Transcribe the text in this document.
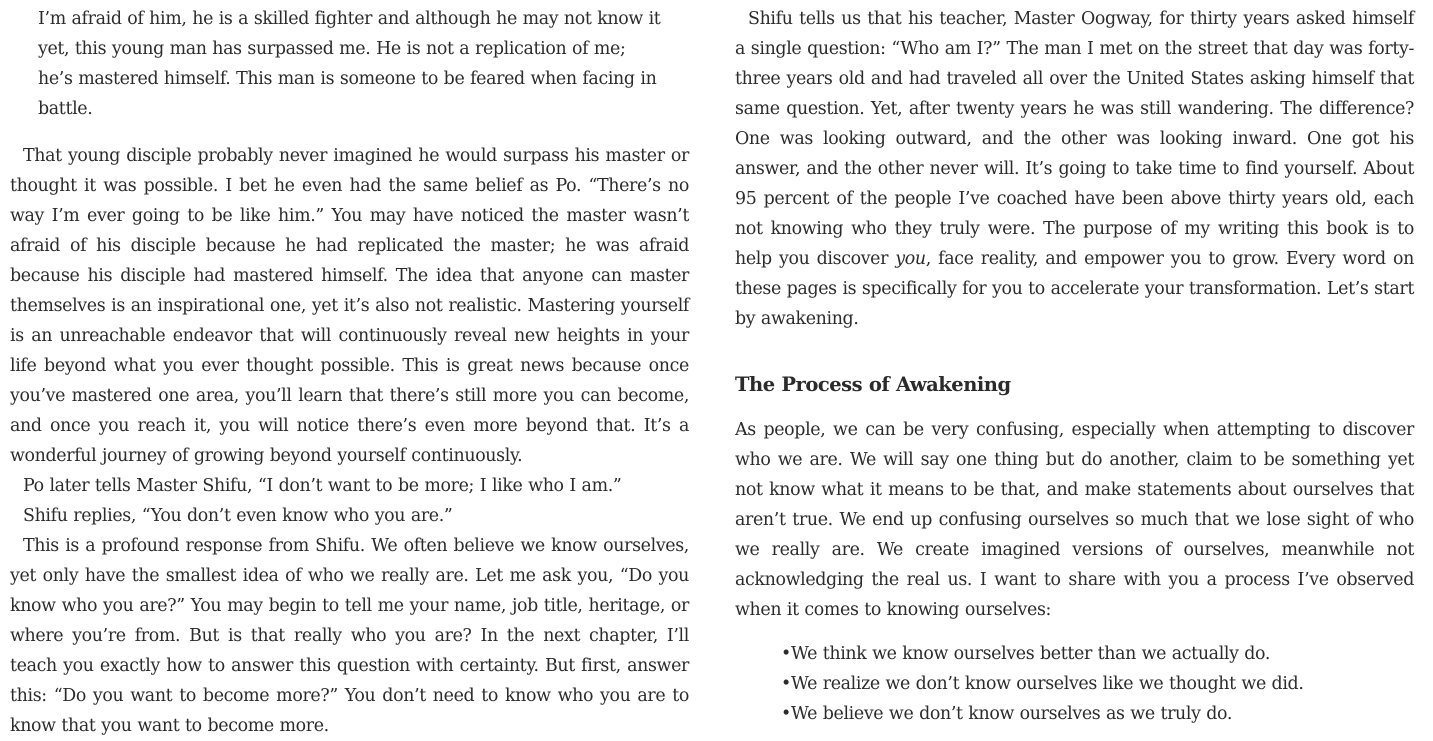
I’m afraid of him, he is a skilled fighter and although he may not know it yet, this young man has surpassed me. He is not a replication of me; he’s mastered himself. This man is someone to be feared when facing in battle.

That young disciple probably never imagined he would surpass his master or thought it was possible. I bet he even had the same belief as Po. “There’s no way I’m ever going to be like him.” You may have noticed the master wasn’t afraid of his disciple because he had replicated the master; he was afraid because his disciple had mastered himself. The idea that anyone can master themselves is an inspirational one, yet it’s also not realistic. Mastering yourself is an unreachable endeavor that will continuously reveal new heights in your life beyond what you ever thought possible. This is great news because once you’ve mastered one area, you’ll learn that there’s still more you can become, and once you reach it, you will notice there’s even more beyond that. It’s a wonderful journey of growing beyond yourself continuously.

Po later tells Master Shifu, “I don’t want to be more; I like who I am.”

Shifu replies, “You don’t even know who you are.”

This is a profound response from Shifu. We often believe we know ourselves, yet only have the smallest idea of who we really are. Let me ask you, “Do you know who you are?” You may begin to tell me your name, job title, heritage, or where you’re from. But is that really who you are? In the next chapter, I’ll teach you exactly how to answer this question with certainty. But first, answer this: “Do you want to become more?” You don’t need to know who you are to know that you want to become more.

Shifu tells us that his teacher, Master Oogway, for thirty years asked himself a single question: “Who am I?” The man I met on the street that day was forty-three years old and had traveled all over the United States asking himself that same question. Yet, after twenty years he was still wandering. The difference? One was looking outward, and the other was looking inward. One got his answer, and the other never will. It’s going to take time to find yourself. About 95 percent of the people I’ve coached have been above thirty years old, each not knowing who they truly were. The purpose of my writing this book is to help you discover you, face reality, and empower you to grow. Every word on these pages is specifically for you to accelerate your transformation. Let’s start by awakening.

The Process of Awakening

As people, we can be very confusing, especially when attempting to discover who we are. We will say one thing but do another, claim to be something yet not know what it means to be that, and make statements about ourselves that aren’t true. We end up confusing ourselves so much that we lose sight of who we really are. We create imagined versions of ourselves, meanwhile not acknowledging the real us. I want to share with you a process I’ve observed when it comes to knowing ourselves:

•We think we know ourselves better than we actually do.
•We realize we don’t know ourselves like we thought we did.
•We believe we don’t know ourselves as we truly do.
